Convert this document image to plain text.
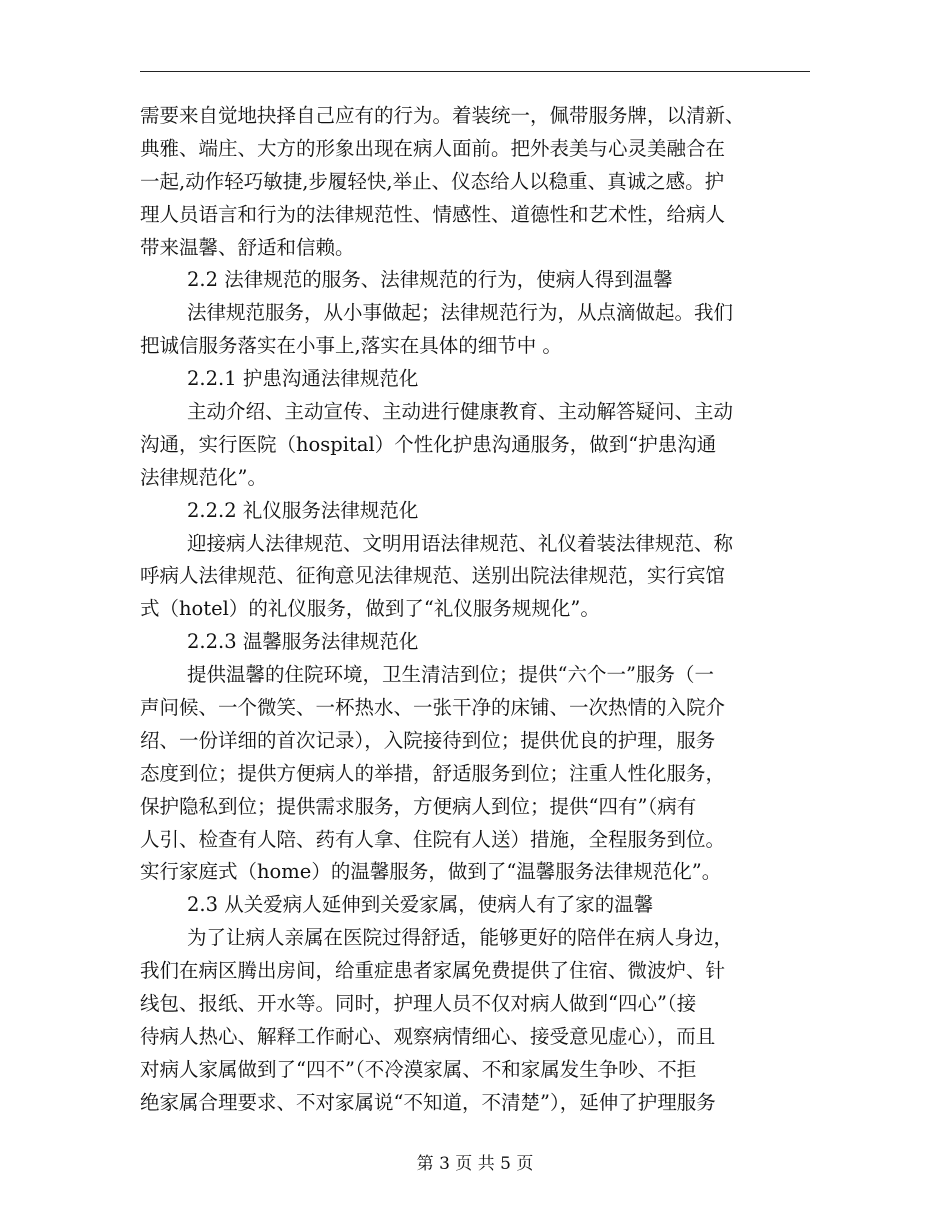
需要来自觉地抉择自己应有的行为。着装统一，佩带服务牌，以清新、
典雅、端庄、大方的形象出现在病人面前。把外表美与心灵美融合在
一起,动作轻巧敏捷,步履轻快,举止、仪态给人以稳重、真诚之感。护
理人员语言和行为的法律规范性、情感性、道德性和艺术性，给病人
带来温馨、舒适和信赖。
2.2 法律规范的服务、法律规范的行为，使病人得到温馨
法律规范服务，从小事做起；法律规范行为，从点滴做起。我们
把诚信服务落实在小事上,落实在具体的细节中 。
2.2.1 护患沟通法律规范化
主动介绍、主动宣传、主动进行健康教育、主动解答疑问、主动
沟通，实行医院（hospital）个性化护患沟通服务，做到“护患沟通
法律规范化”。
2.2.2 礼仪服务法律规范化
迎接病人法律规范、文明用语法律规范、礼仪着装法律规范、称
呼病人法律规范、征徇意见法律规范、送别出院法律规范，实行宾馆
式（hotel）的礼仪服务，做到了“礼仪服务规规化”。
2.2.3 温馨服务法律规范化
提供温馨的住院环境，卫生清洁到位；提供“六个一”服务（一
声问候、一个微笑、一杯热水、一张干净的床铺、一次热情的入院介
绍、一份详细的首次记录），入院接待到位；提供优良的护理，服务
态度到位；提供方便病人的举措，舒适服务到位；注重人性化服务，
保护隐私到位；提供需求服务，方便病人到位；提供“四有”（病有
人引、检查有人陪、药有人拿、住院有人送）措施，全程服务到位。
实行家庭式（home）的温馨服务，做到了“温馨服务法律规范化”。
2.3 从关爱病人延伸到关爱家属，使病人有了家的温馨
为了让病人亲属在医院过得舒适，能够更好的陪伴在病人身边，
我们在病区腾出房间，给重症患者家属免费提供了住宿、微波炉、针
线包、报纸、开水等。同时，护理人员不仅对病人做到“四心”（接
待病人热心、解释工作耐心、观察病情细心、接受意见虚心），而且
对病人家属做到了“四不”（不冷漠家属、不和家属发生争吵、不拒
绝家属合理要求、不对家属说“不知道，不清楚”），延伸了护理服务
第 3 页 共 5 页
